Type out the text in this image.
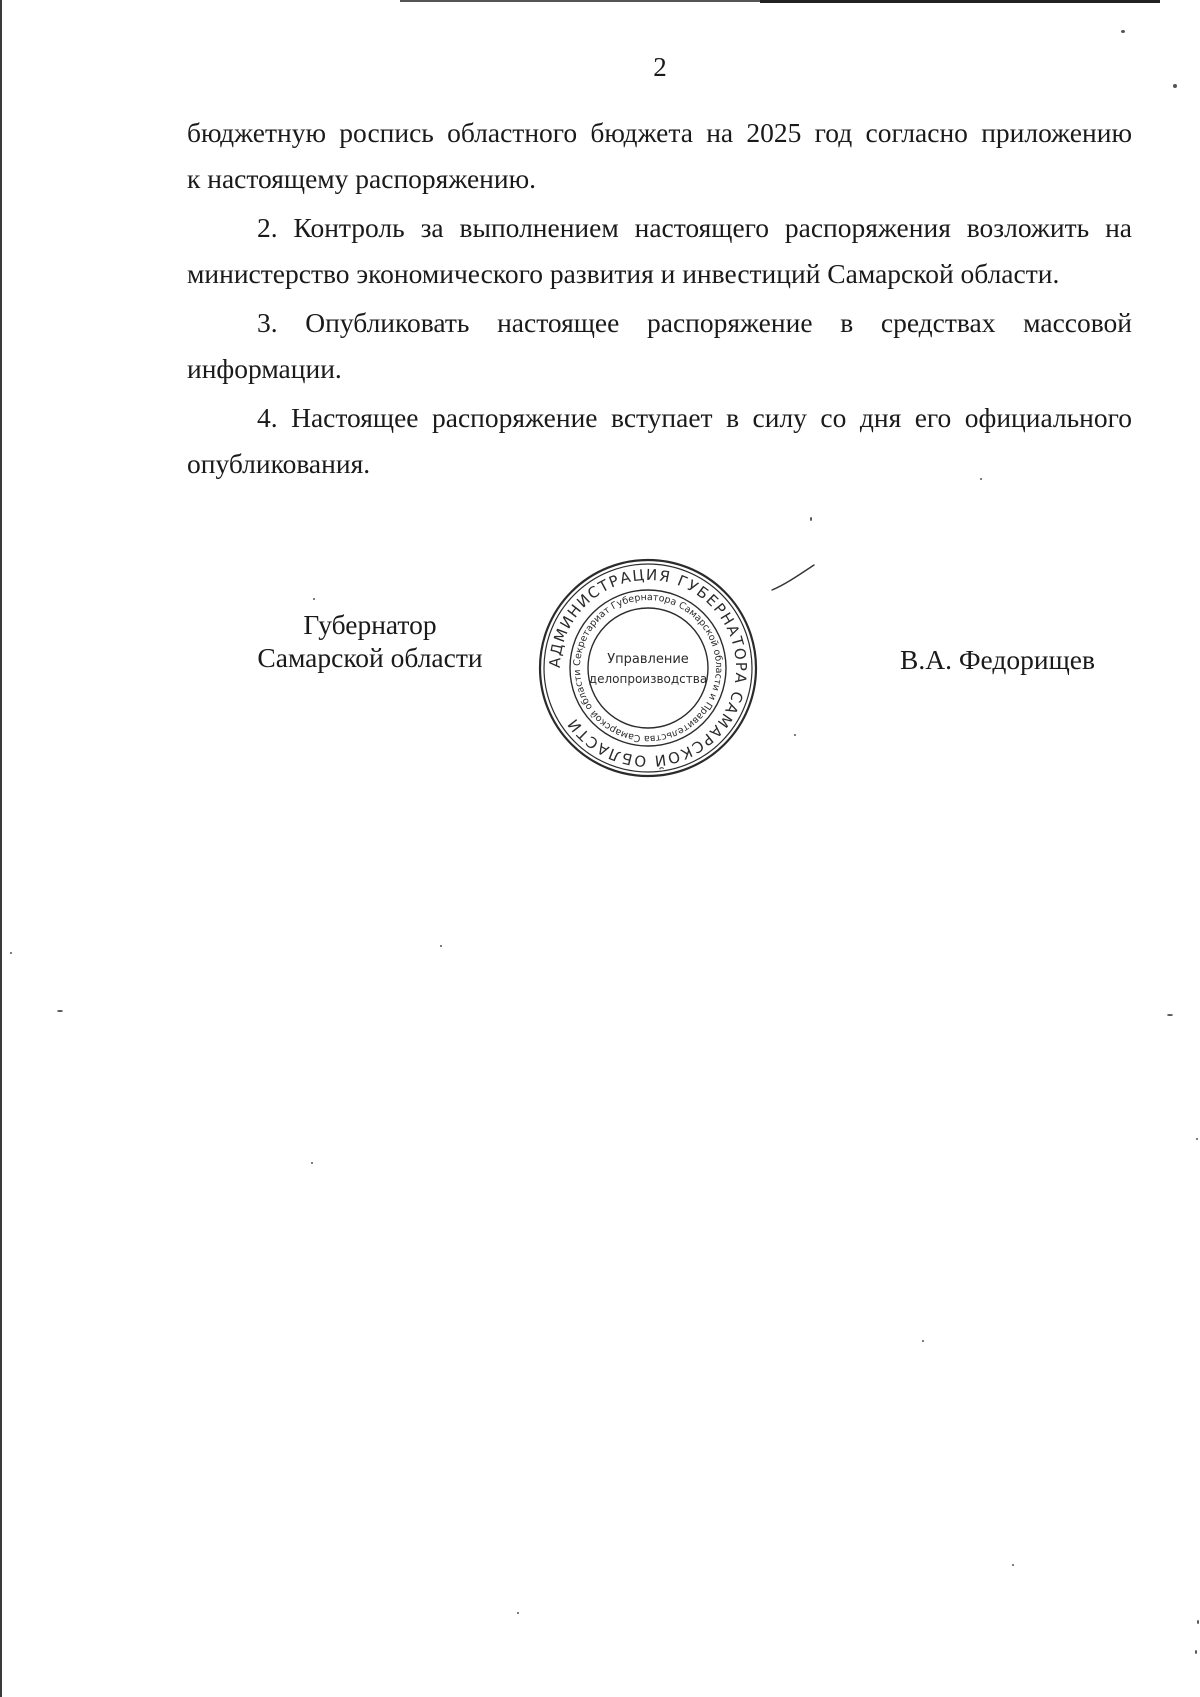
2

бюджетную роспись областного бюджета на 2025 год согласно приложению
к настоящему распоряжению.

2. Контроль за выполнением настоящего распоряжения возложить на
министерство экономического развития и инвестиций Самарской области.

3. Опубликовать настоящее распоряжение в средствах массовой
информации.

4. Настоящее распоряжение вступает в силу со дня его официального
опубликования.

Губернатор
Самарской области	АДМИНИСТРАЦИЯ ГУБЕРНАТОРА САМАРСКОЙ ОБЛАСТИ
Секретариат Губернатора Самарской области и Правительства Самарской области
Управление
делопроизводства
В.А. Федорищев
